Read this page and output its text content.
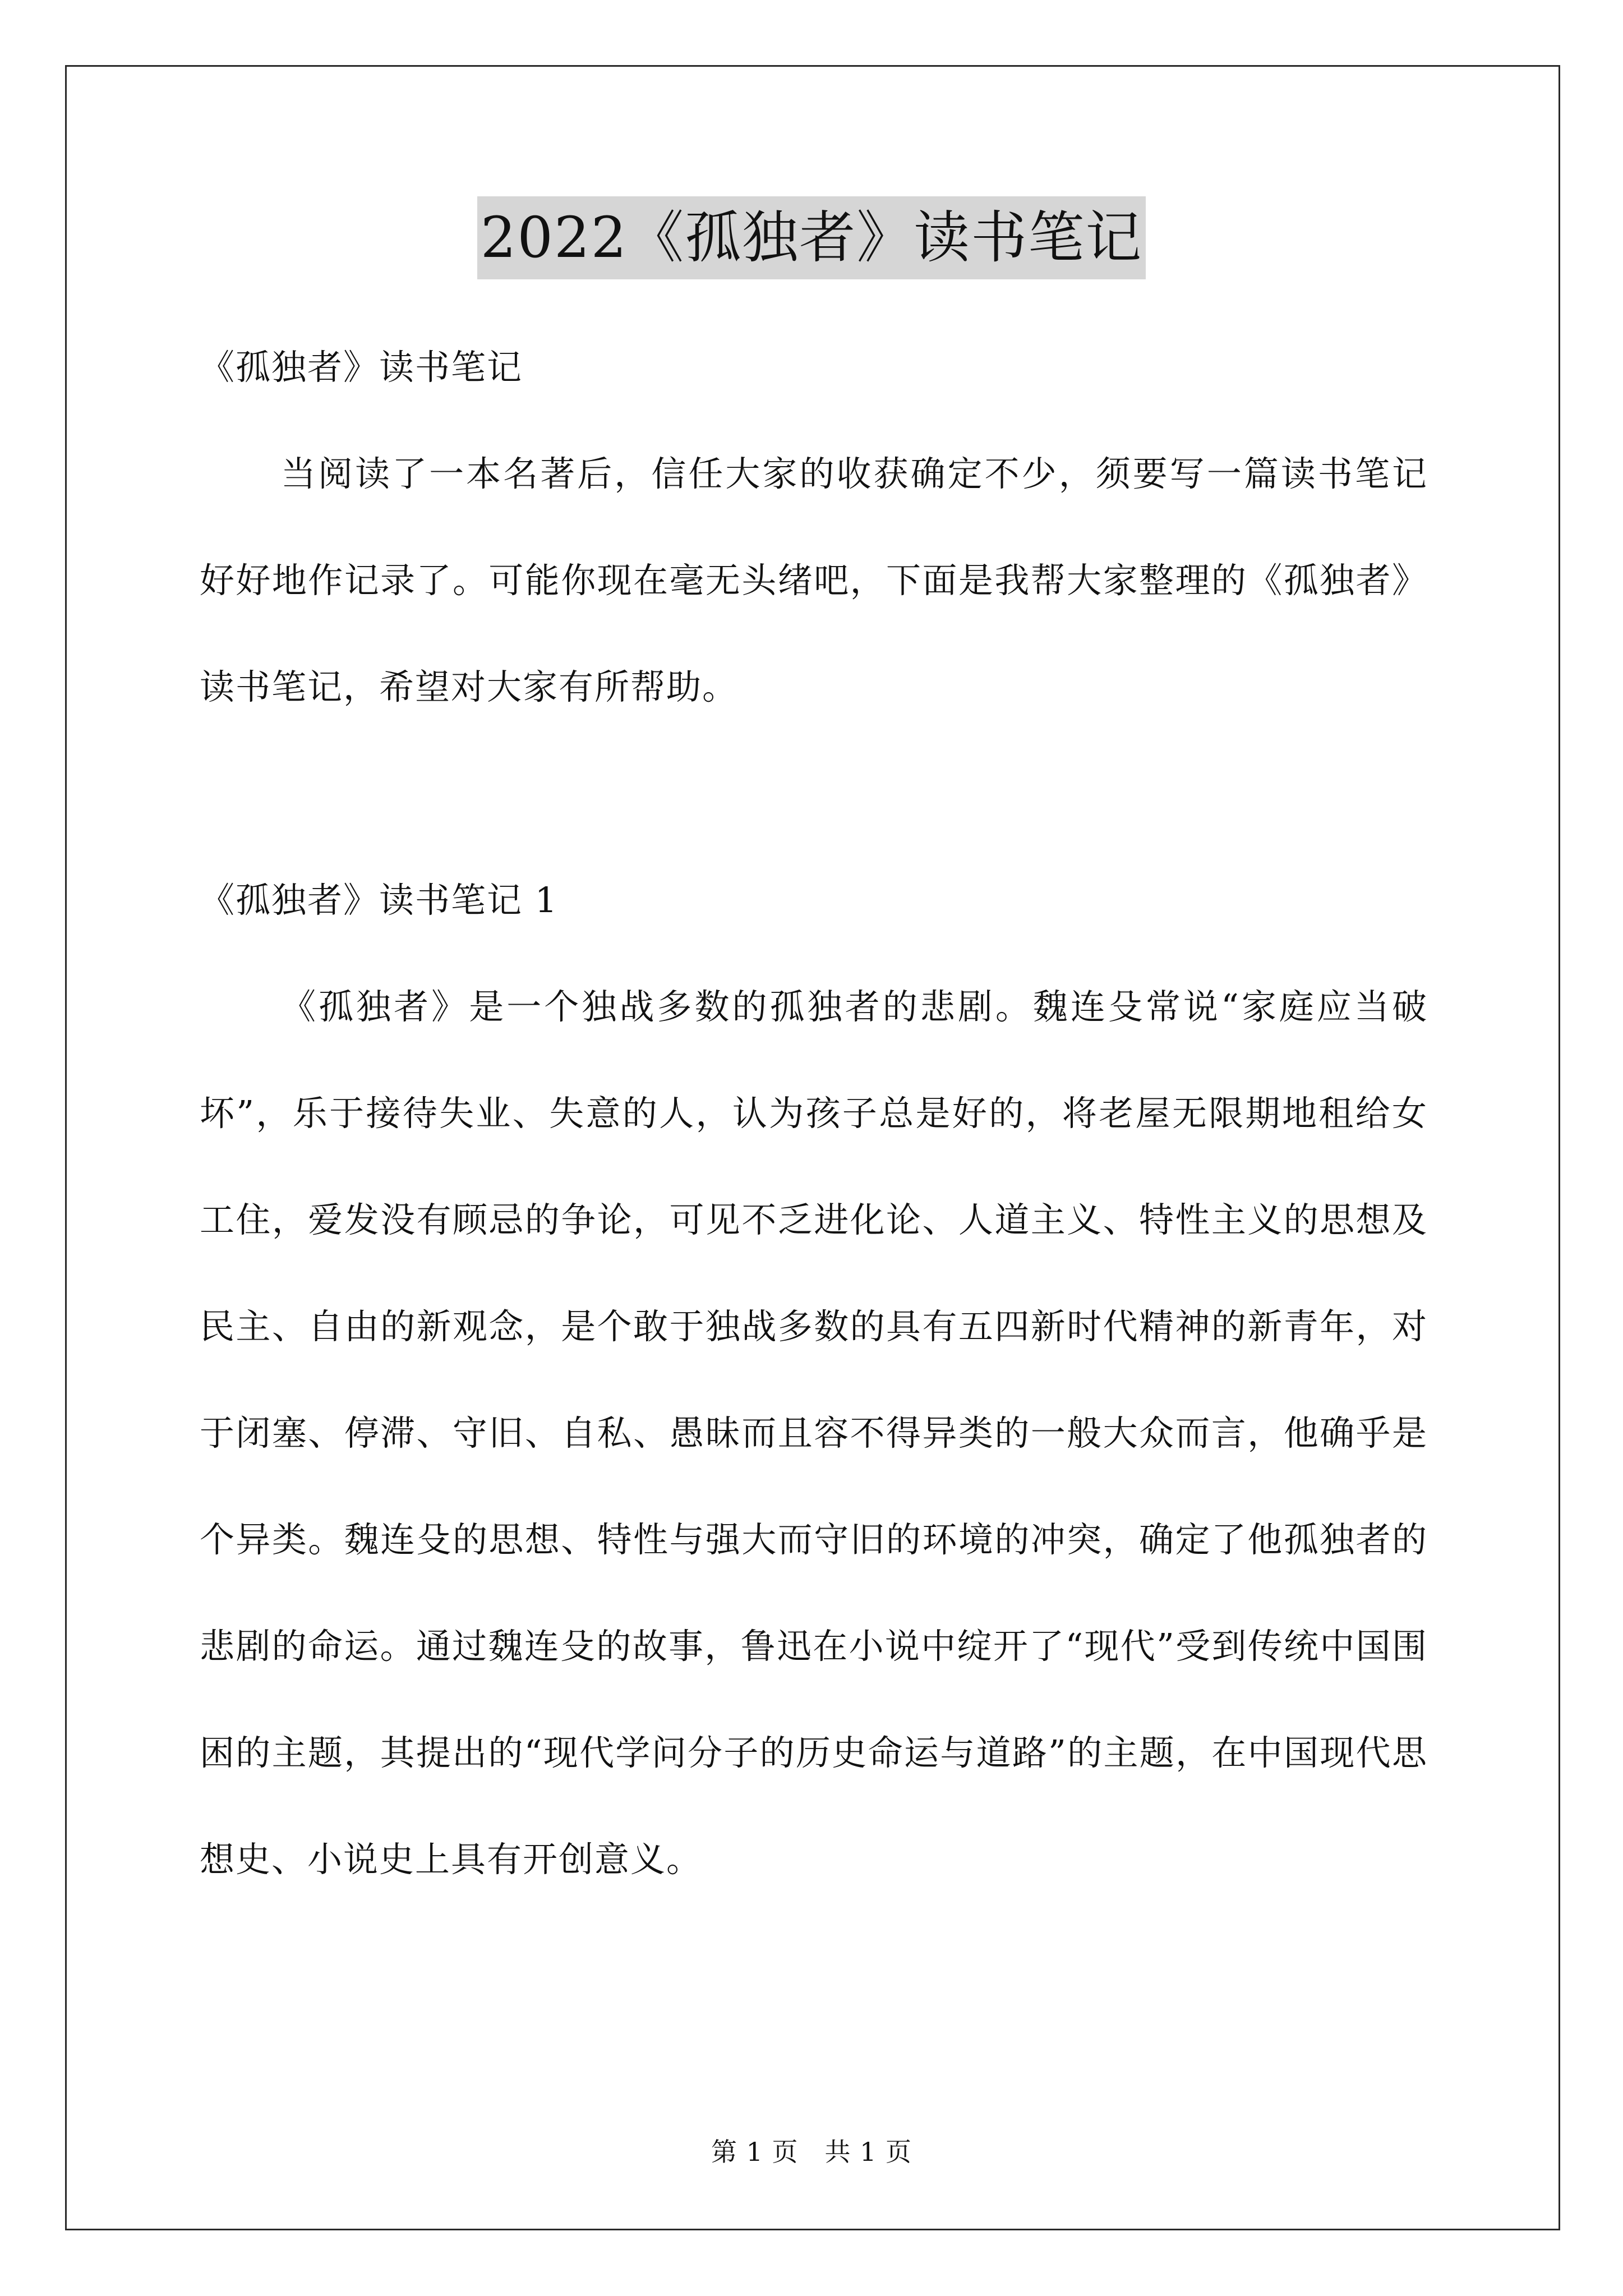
2022《孤独者》读书笔记

《孤独者》读书笔记

当阅读了一本名著后，信任大家的收获确定不少，须要写一篇读书笔记好好地作记录了。可能你现在毫无头绪吧，下面是我帮大家整理的《孤独者》读书笔记，希望对大家有所帮助。

《孤独者》读书笔记 1

《孤独者》是一个独战多数的孤独者的悲剧。魏连殳常说“家庭应当破坏”，乐于接待失业、失意的人，认为孩子总是好的，将老屋无限期地租给女工住，爱发没有顾忌的争论，可见不乏进化论、人道主义、特性主义的思想及民主、自由的新观念，是个敢于独战多数的具有五四新时代精神的新青年，对于闭塞、停滞、守旧、自私、愚昧而且容不得异类的一般大众而言，他确乎是个异类。魏连殳的思想、特性与强大而守旧的环境的冲突，确定了他孤独者的悲剧的命运。通过魏连殳的故事，鲁迅在小说中绽开了“现代”受到传统中国围困的主题，其提出的“现代学问分子的历史命运与道路”的主题，在中国现代思想史、小说史上具有开创意义。

第 1 页　共 1 页
